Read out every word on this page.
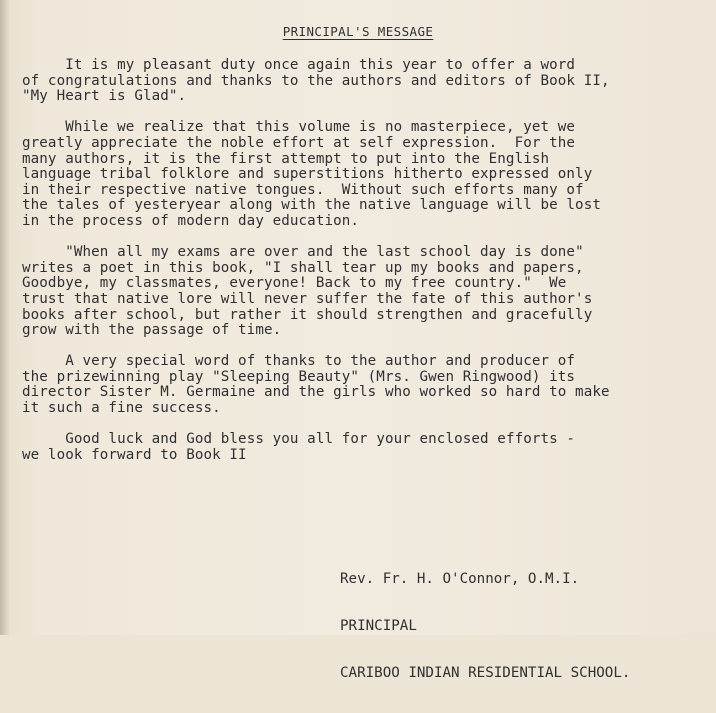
PRINCIPAL'S MESSAGE

It is my pleasant duty once again this year to offer a word
of congratulations and thanks to the authors and editors of Book II,
"My Heart is Glad".

While we realize that this volume is no masterpiece, yet we
greatly appreciate the noble effort at self expression.  For the
many authors, it is the first attempt to put into the English
language tribal folklore and superstitions hitherto expressed only
in their respective native tongues.  Without such efforts many of
the tales of yesteryear along with the native language will be lost
in the process of modern day education.

"When all my exams are over and the last school day is done"
writes a poet in this book, "I shall tear up my books and papers,
Goodbye, my classmates, everyone! Back to my free country."  We
trust that native lore will never suffer the fate of this author's
books after school, but rather it should strengthen and gracefully
grow with the passage of time.

A very special word of thanks to the author and producer of
the prizewinning play "Sleeping Beauty" (Mrs. Gwen Ringwood) its
director Sister M. Germaine and the girls who worked so hard to make
it such a fine success.

Good luck and God bless you all for your enclosed efforts -
we look forward to Book II

Rev. Fr. H. O'Connor, O.M.I.

PRINCIPAL

CARIBOO INDIAN RESIDENTIAL SCHOOL.
